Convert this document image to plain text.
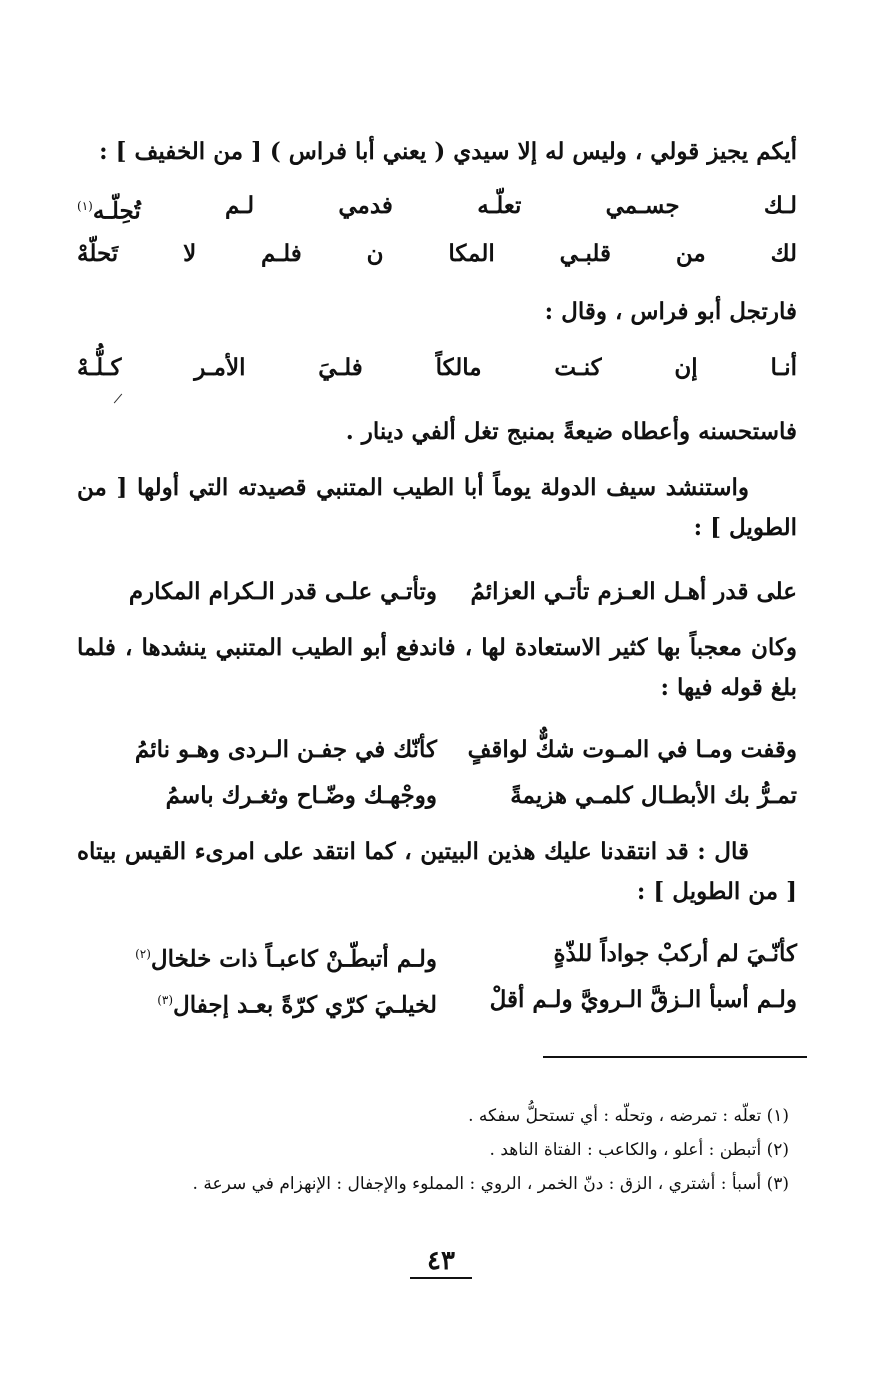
أيكم يجيز قولي ، وليس له إلا سيدي ( يعني أبا فراس ) [ من الخفيف ] :
لـك
جسـمي
تعلّـه
فدمي
لـم
تُحِلّـه$^{(١)}$
لك
من
قلبـي
المكا
ن
فلـم
لا
تَحلّهْ
فارتجل أبو فراس ، وقال :
أنـا
إن
كنـت
مالكاً
فلـيَ
الأمـر
كـلُّـهْ
فاستحسنه وأعطاه ضيعةً بمنبج تغل ألفي دينار .
واستنشد سيف الدولة يوماً أبا الطيب المتنبي قصيدته التي أولها [ من الطويل ] :
على قدر أهـل العـزم تأتـي العزائمُ
وتأتـي علـى قدر الـكرام المكارم
وكان معجباً بها كثير الاستعادة لها ، فاندفع أبو الطيب المتنبي ينشدها ، فلما بلغ قوله فيها :
وقفت ومـا في المـوت شكٌّ لواقفٍ
كأنّك في جفـن الـردى وهـو نائمُ
تمـرُّ بك الأبطـال كلمـي هزيمةً
ووجْهـك وضّـاح وثغـرك باسمُ
قال : قد انتقدنا عليك هذين البيتين ، كما انتقد على امرىء القيس بيتاه [ من الطويل ] :
كأنّـيَ لم أركبْ جواداً للذّةٍ
ولـم أتبطّـنْ كاعبـاً ذات خلخال$^{(٢)}$
ولـم أسبأ الـزقَّ الـرويَّ ولـم أقلْ
لخيلـيَ كرّي كرّةً بعـد إجفال$^{(٣)}$
(١) تعلّه : تمرضه ، وتحلّه : أي تستحلُّ سفكه .
(٢) أتبطن : أعلو ، والكاعب : الفتاة الناهد .
(٣) أسبأ : أشتري ، الزق : دنّ الخمر ، الروي : المملوء والإجفال : الإنهزام في سرعة .
٤٣
